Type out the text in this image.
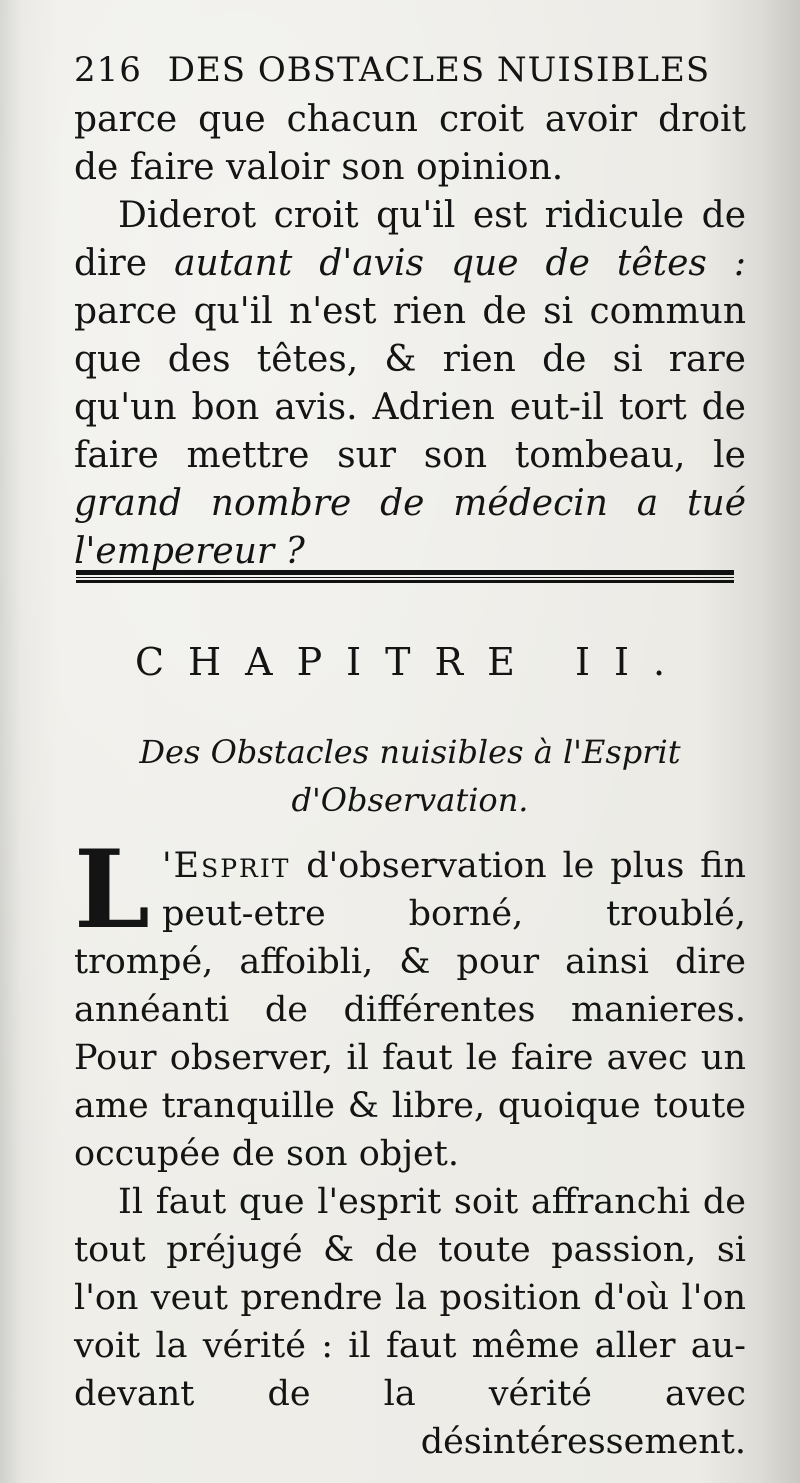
216 DES OBSTACLES NUISIBLES

parce que chacun croit avoir droit de faire valoir son opinion.

Diderot croit qu'il est ridicule de dire autant d'avis que de têtes : parce qu'il n'est rien de si commun que des têtes, & rien de si rare qu'un bon avis. Adrien eut-il tort de faire mettre sur son tombeau, le grand nombre de médecin a tué l'empereur ?

CHAPITRE II.
Des Obstacles nuisibles à l'Esprit d'Observation.

L 'Esprit d'observation le plus fin peut-etre borné, troublé, trompé, affoibli, & pour ainsi dire annéanti de différentes manieres. Pour observer, il faut le faire avec un ame tranquille & libre, quoique toute occupée de son objet.

Il faut que l'esprit soit affranchi de tout préjugé & de toute passion, si l'on veut prendre la position d'où l'on voit la vérité : il faut même aller au-devant de la vérité avec désintéressement.
